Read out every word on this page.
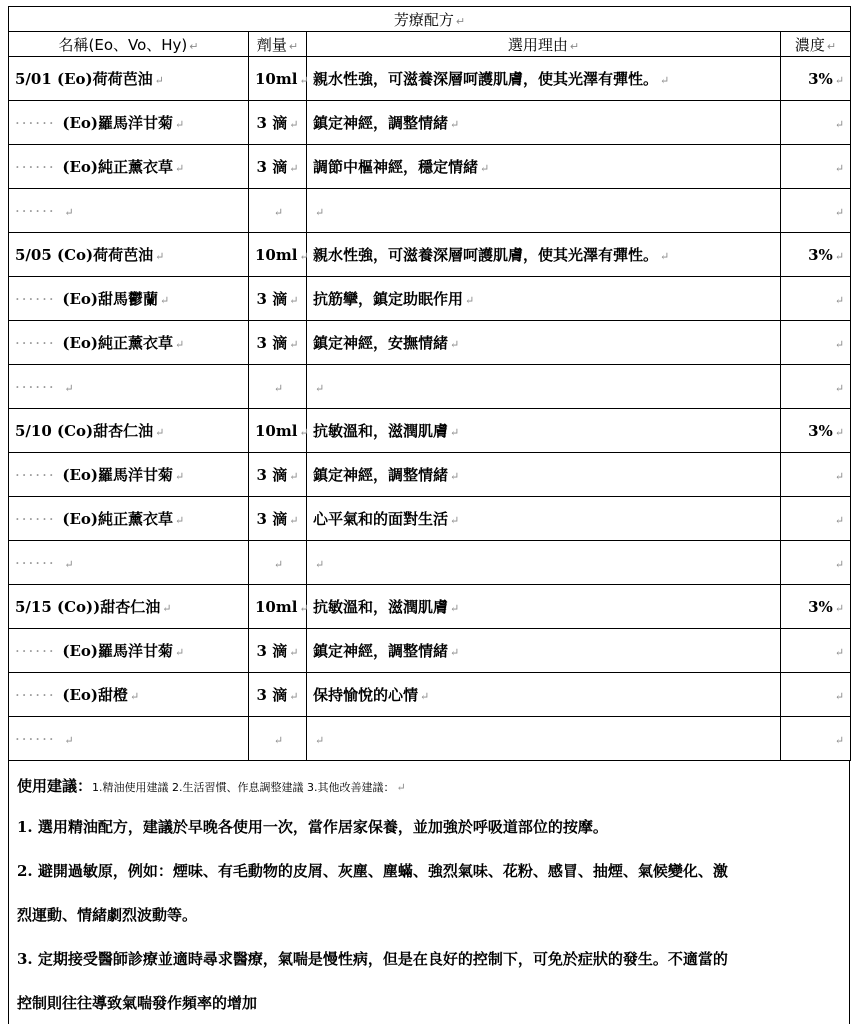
芳療配方 ↵			
名稱(Eo、Vo、Hy) ↵	劑量 ↵	選用理由 ↵	濃度 ↵
5/01 (Eo)荷荷芭油 ↵	10ml ↵	親水性強，可滋養深層呵護肌膚，使其光澤有彈性。 ↵	3% ↵
······ (Eo)羅馬洋甘菊 ↵	3 滴 ↵	鎮定神經，調整情緒 ↵	↵
······ (Eo)純正薰衣草 ↵	3 滴 ↵	調節中樞神經，穩定情緒 ↵	↵
······ ↵	↵	↵	↵
5/05 (Co)荷荷芭油 ↵	10ml ↵	親水性強，可滋養深層呵護肌膚，使其光澤有彈性。 ↵	3% ↵
······ (Eo)甜馬鬱蘭 ↵	3 滴 ↵	抗筋攣，鎮定助眠作用 ↵	↵
······ (Eo)純正薰衣草 ↵	3 滴 ↵	鎮定神經，安撫情緒 ↵	↵
······ ↵	↵	↵	↵
5/10 (Co)甜杏仁油 ↵	10ml ↵	抗敏溫和，滋潤肌膚 ↵	3% ↵
······ (Eo)羅馬洋甘菊 ↵	3 滴 ↵	鎮定神經，調整情緒 ↵	↵
······ (Eo)純正薰衣草 ↵	3 滴 ↵	心平氣和的面對生活 ↵	↵
······ ↵	↵	↵	↵
5/15 (Co))甜杏仁油 ↵	10ml ↵	抗敏溫和，滋潤肌膚 ↵	3% ↵
······ (Eo)羅馬洋甘菊 ↵	3 滴 ↵	鎮定神經，調整情緒 ↵	↵
······ (Eo)甜橙 ↵	3 滴 ↵	保持愉悅的心情 ↵	↵
······ ↵	↵	↵	↵
使用建議：1.精油使用建議 2.生活習慣、作息調整建議 3.其他改善建議： ↵
1. 選用精油配方，建議於早晚各使用一次，當作居家保養，並加強於呼吸道部位的按摩。
2. 避開過敏原，例如：煙味、有毛動物的皮屑、灰塵、塵蟎、強烈氣味、花粉、感冒、抽煙、氣候變化、激
烈運動、情緒劇烈波動等。
3. 定期接受醫師診療並適時尋求醫療，氣喘是慢性病，但是在良好的控制下，可免於症狀的發生。不適當的
控制則往往導致氣喘發作頻率的增加
